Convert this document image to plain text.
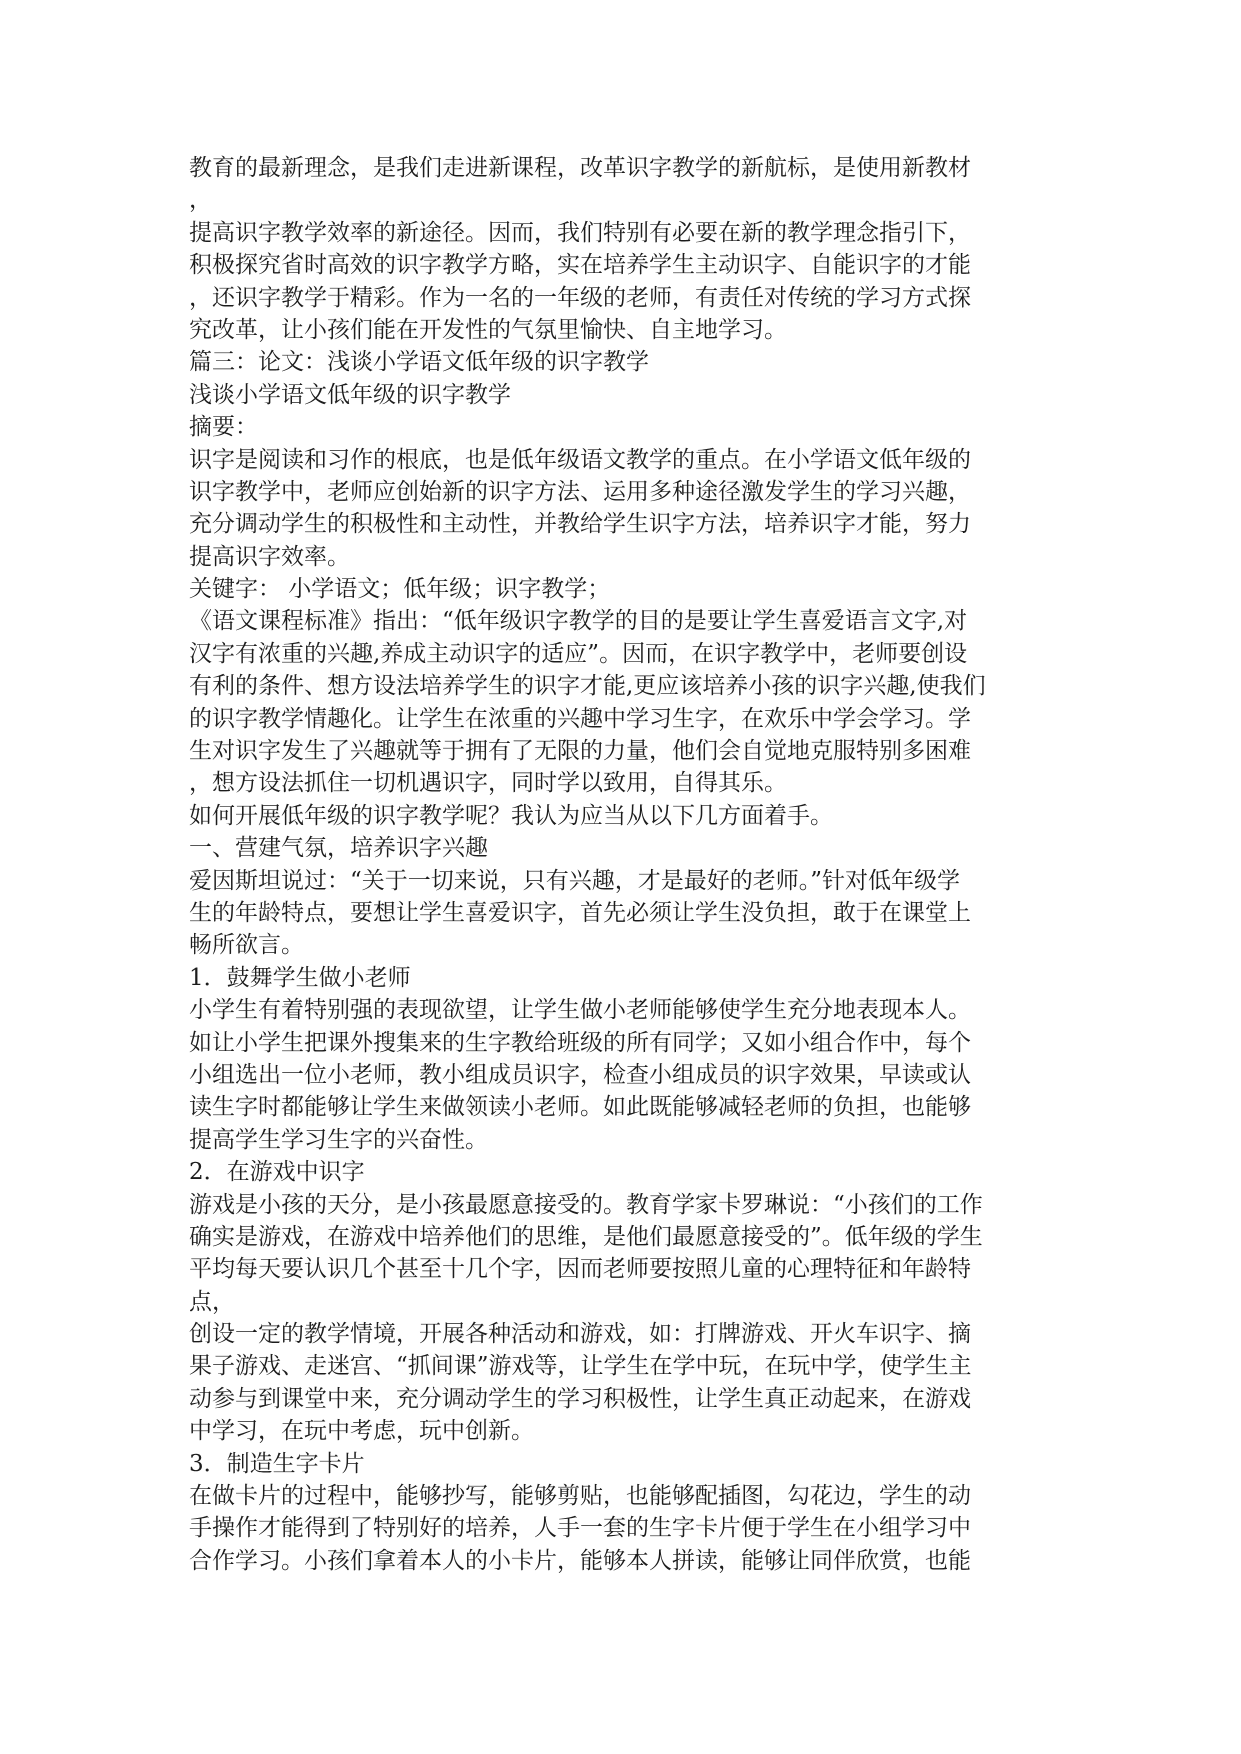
教育的最新理念，是我们走进新课程，改革识字教学的新航标，是使用新教材
，
提高识字教学效率的新途径。因而，我们特别有必要在新的教学理念指引下，
积极探究省时高效的识字教学方略，实在培养学生主动识字、自能识字的才能
，还识字教学于精彩。作为一名的一年级的老师，有责任对传统的学习方式探
究改革，让小孩们能在开发性的气氛里愉快、自主地学习。
篇三：论文：浅谈小学语文低年级的识字教学
浅谈小学语文低年级的识字教学
摘要：
识字是阅读和习作的根底，也是低年级语文教学的重点。在小学语文低年级的
识字教学中，老师应创始新的识字方法、运用多种途径激发学生的学习兴趣，
充分调动学生的积极性和主动性，并教给学生识字方法，培养识字才能，努力
提高识字效率。
关键字： 小学语文；低年级；识字教学；
《语文课程标准》指出：“低年级识字教学的目的是要让学生喜爱语言文字,对
汉字有浓重的兴趣,养成主动识字的适应”。因而，在识字教学中，老师要创设
有利的条件、想方设法培养学生的识字才能,更应该培养小孩的识字兴趣,使我们
的识字教学情趣化。让学生在浓重的兴趣中学习生字，在欢乐中学会学习。学
生对识字发生了兴趣就等于拥有了无限的力量，他们会自觉地克服特别多困难
，想方设法抓住一切机遇识字，同时学以致用，自得其乐。
如何开展低年级的识字教学呢？我认为应当从以下几方面着手。
一、营建气氛，培养识字兴趣
爱因斯坦说过：“关于一切来说，只有兴趣，才是最好的老师。”针对低年级学
生的年龄特点，要想让学生喜爱识字，首先必须让学生没负担，敢于在课堂上
畅所欲言。
1．鼓舞学生做小老师
小学生有着特别强的表现欲望，让学生做小老师能够使学生充分地表现本人。
如让小学生把课外搜集来的生字教给班级的所有同学；又如小组合作中，每个
小组选出一位小老师，教小组成员识字，检查小组成员的识字效果，早读或认
读生字时都能够让学生来做领读小老师。如此既能够减轻老师的负担，也能够
提高学生学习生字的兴奋性。
2．在游戏中识字
游戏是小孩的天分，是小孩最愿意接受的。教育学家卡罗琳说：“小孩们的工作
确实是游戏，在游戏中培养他们的思维，是他们最愿意接受的”。低年级的学生
平均每天要认识几个甚至十几个字，因而老师要按照儿童的心理特征和年龄特
点，
创设一定的教学情境，开展各种活动和游戏，如：打牌游戏、开火车识字、摘
果子游戏、走迷宫、“抓间课”游戏等，让学生在学中玩，在玩中学，使学生主
动参与到课堂中来，充分调动学生的学习积极性，让学生真正动起来，在游戏
中学习，在玩中考虑，玩中创新。
3．制造生字卡片
在做卡片的过程中，能够抄写，能够剪贴，也能够配插图，勾花边，学生的动
手操作才能得到了特别好的培养，人手一套的生字卡片便于学生在小组学习中
合作学习。小孩们拿着本人的小卡片，能够本人拼读，能够让同伴欣赏，也能
